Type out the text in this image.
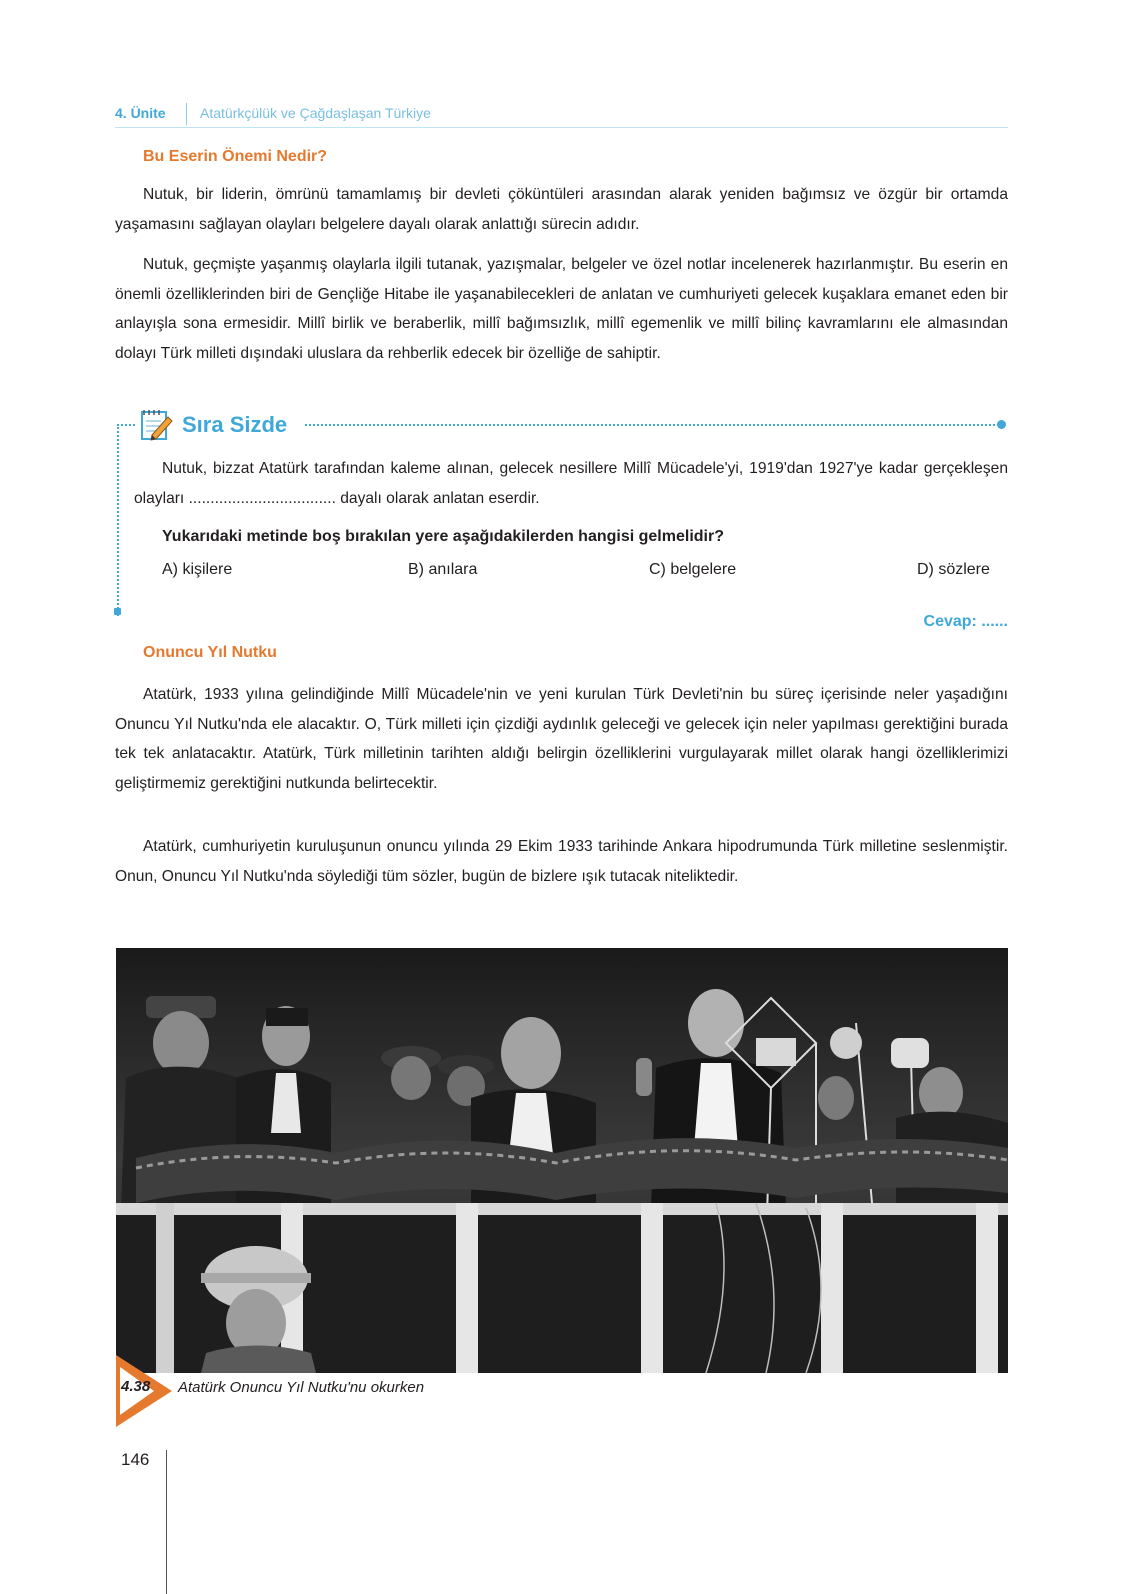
4. Ünite Atatürkçülük ve Çağdaşlaşan Türkiye
Bu Eserin Önemi Nedir?

Nutuk, bir liderin, ömrünü tamamlamış bir devleti çöküntüleri arasından alarak yeniden bağımsız ve özgür bir ortamda yaşamasını sağlayan olayları belgelere dayalı olarak anlattığı sürecin adıdır.

Nutuk, geçmişte yaşanmış olaylarla ilgili tutanak, yazışmalar, belgeler ve özel notlar incelenerek hazırlanmıştır. Bu eserin en önemli özelliklerinden biri de Gençliğe Hitabe ile yaşanabilecekleri de anlatan ve cumhuriyeti gelecek kuşaklara emanet eden bir anlayışla sona ermesidir. Millî birlik ve beraberlik, millî bağımsızlık, millî egemenlik ve millî bilinç kavramlarını ele almasından dolayı Türk milleti dışındaki uluslara da rehberlik edecek bir özelliğe de sahiptir.

Sıra Sizde

Nutuk, bizzat Atatürk tarafından kaleme alınan, gelecek nesillere Millî Mücadele'yi, 1919'dan 1927'ye kadar gerçekleşen olayları .................................. dayalı olarak anlatan eserdir.

Yukarıdaki metinde boş bırakılan yere aşağıdakilerden hangisi gelmelidir?
A) kişilere	B) anılara	C) belgelere	D) sözlere
Cevap: ......
Onuncu Yıl Nutku

Atatürk, 1933 yılına gelindiğinde Millî Mücadele'nin ve yeni kurulan Türk Devleti'nin bu süreç içerisinde neler yaşadığını Onuncu Yıl Nutku'nda ele alacaktır. O, Türk milleti için çizdiği aydınlık geleceği ve gelecek için neler yapılması gerektiğini burada tek tek anlatacaktır. Atatürk, Türk milletinin tarihten aldığı belirgin özelliklerini vurgulayarak millet olarak hangi özelliklerimizi geliştirmemiz gerektiğini nutkunda belirtecektir.

Atatürk, cumhuriyetin kuruluşunun onuncu yılında 29 Ekim 1933 tarihinde Ankara hipodrumunda Türk milletine seslenmiştir. Onun, Onuncu Yıl Nutku'nda söylediği tüm sözler, bugün de bizlere ışık tutacak niteliktedir.

4.38 Atatürk Onuncu Yıl Nutku'nu okurken
146
